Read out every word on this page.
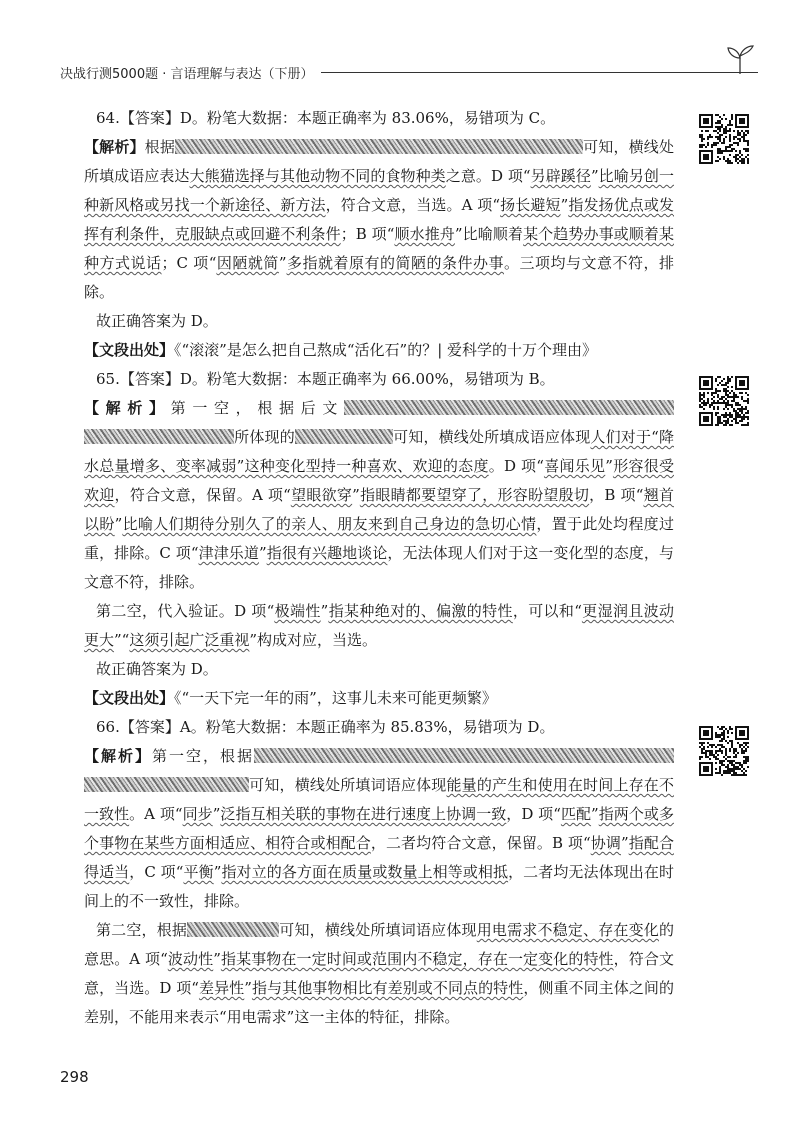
决战行测5000题 · 言语理解与表达（下册）

64.【答案】D。粉笔大数据：本题正确率为 83.06%，易错项为 C。

【解析】根据	可知，横线处所填成语应表达大熊猫选择与其他动物不同的食物种类之意。D 项“另辟蹊径”比喻另创一种新风格或另找一个新途径、新方法，符合文意，当选。A 项“扬长避短”指发扬优点或发挥有利条件，克服缺点或回避不利条件；B 项“顺水推舟”比喻顺着某个趋势办事或顺着某种方式说话；C 项“因陋就简”多指就着原有的简陋的条件办事。三项均与文意不符，排除。

故正确答案为 D。

【文段出处】《“滚滚”是怎么把自己熬成“活化石”的？| 爱科学的十万个理由》

65.【答案】D。粉笔大数据：本题正确率为 66.00%，易错项为 B。

【解析】第一空，根据后文所体现的	可知，横线处所填成语应体现人们对于“降水总量增多、变率减弱”这种变化型持一种喜欢、欢迎的态度。D 项“喜闻乐见”形容很受欢迎，符合文意，保留。A 项“望眼欲穿”指眼睛都要望穿了，形容盼望殷切，B 项“翘首以盼”比喻人们期待分别久了的亲人、朋友来到自己身边的急切心情，置于此处均程度过重，排除。C 项“津津乐道”指很有兴趣地谈论，无法体现人们对于这一变化型的态度，与文意不符，排除。

第二空，代入验证。D 项“极端性”指某种绝对的、偏激的特性，可以和“更湿润且波动更大”“这须引起广泛重视”构成对应，当选。

故正确答案为 D。

【文段出处】《“一天下完一年的雨”，这事儿未来可能更频繁》

66.【答案】A。粉笔大数据：本题正确率为 85.83%，易错项为 D。

【解析】第一空，根据可知，横线处所填词语应体现能量的产生和使用在时间上存在不一致性。A 项“同步”泛指互相关联的事物在进行速度上协调一致，D 项“匹配”指两个或多个事物在某些方面相适应、相符合或相配合，二者均符合文意，保留。B 项“协调”指配合得适当，C 项“平衡”指对立的各方面在质量或数量上相等或相抵，二者均无法体现出在时间上的不一致性，排除。

第二空，根据	可知，横线处所填词语应体现用电需求不稳定、存在变化的意思。A 项“波动性”指某事物在一定时间或范围内不稳定，存在一定变化的特性，符合文意，当选。D 项“差异性”指与其他事物相比有差别或不同点的特性，侧重不同主体之间的差别，不能用来表示“用电需求”这一主体的特征，排除。

298
